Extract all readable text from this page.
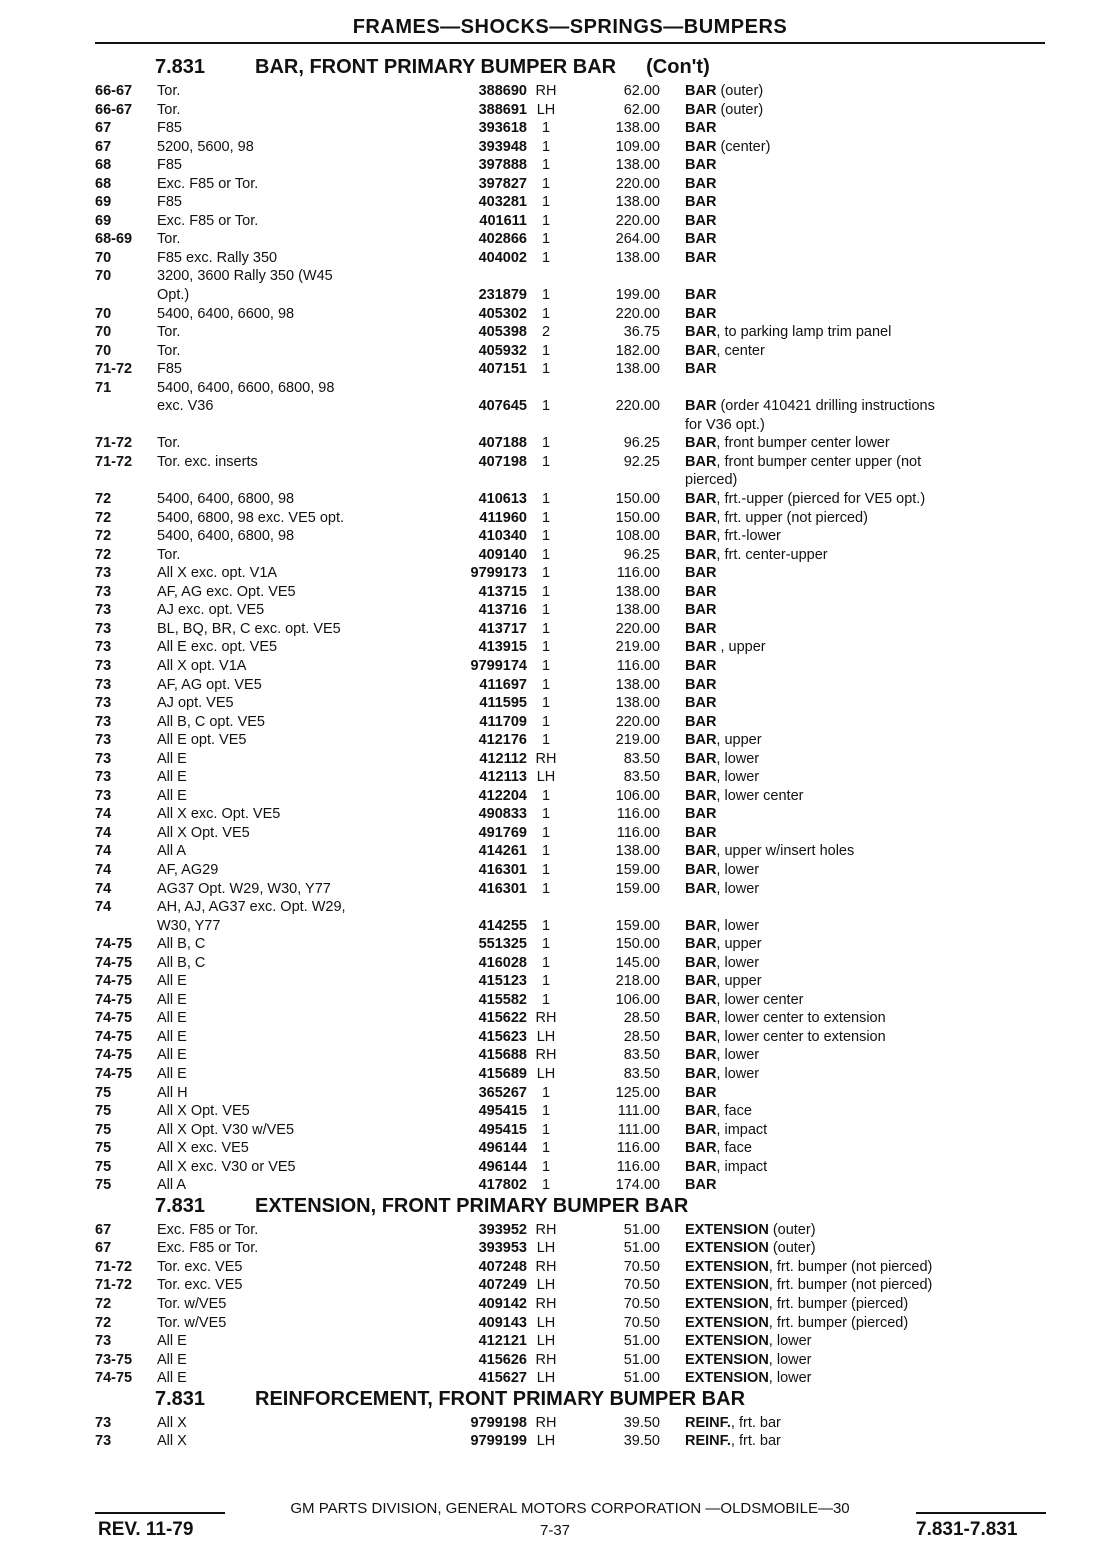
FRAMES—SHOCKS—SPRINGS—BUMPERS
7.831	BAR, FRONT PRIMARY BUMPER BAR (Con't)
66-67	Tor.	388690 RH	62.00 BAR (outer)
66-67	Tor.	388691 LH	62.00 BAR (outer)
67	F85	393618	1	138.00 BAR
67	5200, 5600, 98	393948	1	109.00 BAR (center)
68	F85	397888	1	138.00 BAR
68	Exc. F85 or Tor.	397827	1	220.00 BAR
69	F85	403281	1	138.00 BAR
69	Exc. F85 or Tor.	401611	1	220.00 BAR
68-69	Tor.	402866	1	264.00 BAR
70	F85 exc. Rally 350	404002	1	138.00 BAR
70	3200, 3600 Rally 350 (W45
Opt.)	231879	1	199.00 BAR
70	5400, 6400, 6600, 98	405302	1	220.00 BAR
70	Tor.	405398	2	36.75 BAR, to parking lamp trim panel
70	Tor.	405932	1	182.00 BAR, center
71-72	F85	407151	1	138.00 BAR
71	5400, 6400, 6600, 6800, 98
exc. V36	407645	1	220.00 BAR (order 410421 drilling instructions
for V36 opt.)
71-72	Tor.	407188	1	96.25 BAR, front bumper center lower
71-72	Tor. exc. inserts	407198	1	92.25 BAR, front bumper center upper (not
pierced)
72	5400, 6400, 6800, 98	410613	1	150.00 BAR, frt.-upper (pierced for VE5 opt.)
72	5400, 6800, 98 exc. VE5 opt.	411960	1	150.00 BAR, frt. upper (not pierced)
72	5400, 6400, 6800, 98	410340	1	108.00 BAR, frt.-lower
72	Tor.	409140	1	96.25 BAR, frt. center-upper
73	All X exc. opt. V1A	9799173	1	116.00 BAR
73	AF, AG exc. Opt. VE5	413715	1	138.00 BAR
73	AJ exc. opt. VE5	413716	1	138.00 BAR
73	BL, BQ, BR, C exc. opt. VE5	413717	1	220.00 BAR
73	All E exc. opt. VE5	413915	1	219.00 BAR , upper
73	All X opt. V1A	9799174	1	116.00 BAR
73	AF, AG opt. VE5	411697	1	138.00 BAR
73	AJ opt. VE5	411595	1	138.00 BAR
73	All B, C opt. VE5	411709	1	220.00 BAR
73	All E opt. VE5	412176	1	219.00 BAR, upper
73	All E	412112 RH	83.50 BAR, lower
73	All E	412113 LH	83.50 BAR, lower
73	All E	412204	1	106.00 BAR, lower center
74	All X exc. Opt. VE5	490833	1	116.00 BAR
74	All X Opt. VE5	491769	1	116.00 BAR
74	All A	414261	1	138.00 BAR, upper w/insert holes
74	AF, AG29	416301	1	159.00 BAR, lower
74	AG37 Opt. W29, W30, Y77	416301	1	159.00 BAR, lower
74	AH, AJ, AG37 exc. Opt. W29,
W30, Y77	414255	1	159.00 BAR, lower
74-75	All B, C	551325	1	150.00 BAR, upper
74-75	All B, C	416028	1	145.00 BAR, lower
74-75	All E	415123	1	218.00 BAR, upper
74-75	All E	415582	1	106.00 BAR, lower center
74-75	All E	415622 RH	28.50 BAR, lower center to extension
74-75	All E	415623 LH	28.50 BAR, lower center to extension
74-75	All E	415688 RH	83.50 BAR, lower
74-75	All E	415689 LH	83.50 BAR, lower
75	All H	365267	1	125.00 BAR
75	All X Opt. VE5	495415	1	111.00 BAR, face
75	All X Opt. V30 w/VE5	495415	1	111.00 BAR, impact
75	All X exc. VE5	496144	1	116.00 BAR, face
75	All X exc. V30 or VE5	496144	1	116.00 BAR, impact
75	All A	417802	1	174.00 BAR
7.831	EXTENSION, FRONT PRIMARY BUMPER BAR
67	Exc. F85 or Tor.	393952 RH	51.00 EXTENSION (outer)
67	Exc. F85 or Tor.	393953 LH	51.00 EXTENSION (outer)
71-72	Tor. exc. VE5	407248 RH	70.50 EXTENSION, frt. bumper (not pierced)
71-72	Tor. exc. VE5	407249 LH	70.50 EXTENSION, frt. bumper (not pierced)
72	Tor. w/VE5	409142 RH	70.50 EXTENSION, frt. bumper (pierced)
72	Tor. w/VE5	409143 LH	70.50 EXTENSION, frt. bumper (pierced)
73	All E	412121 LH	51.00 EXTENSION, lower
73-75	All E	415626 RH	51.00 EXTENSION, lower
74-75	All E	415627 LH	51.00 EXTENSION, lower
7.831	REINFORCEMENT, FRONT PRIMARY BUMPER BAR
73	All X	9799198 RH	39.50 REINF., frt. bar
73	All X	9799199 LH	39.50 REINF., frt. bar
GM PARTS DIVISION, GENERAL MOTORS CORPORATION —OLDSMOBILE—30
REV. 11-79	7-37	7.831-7.831
